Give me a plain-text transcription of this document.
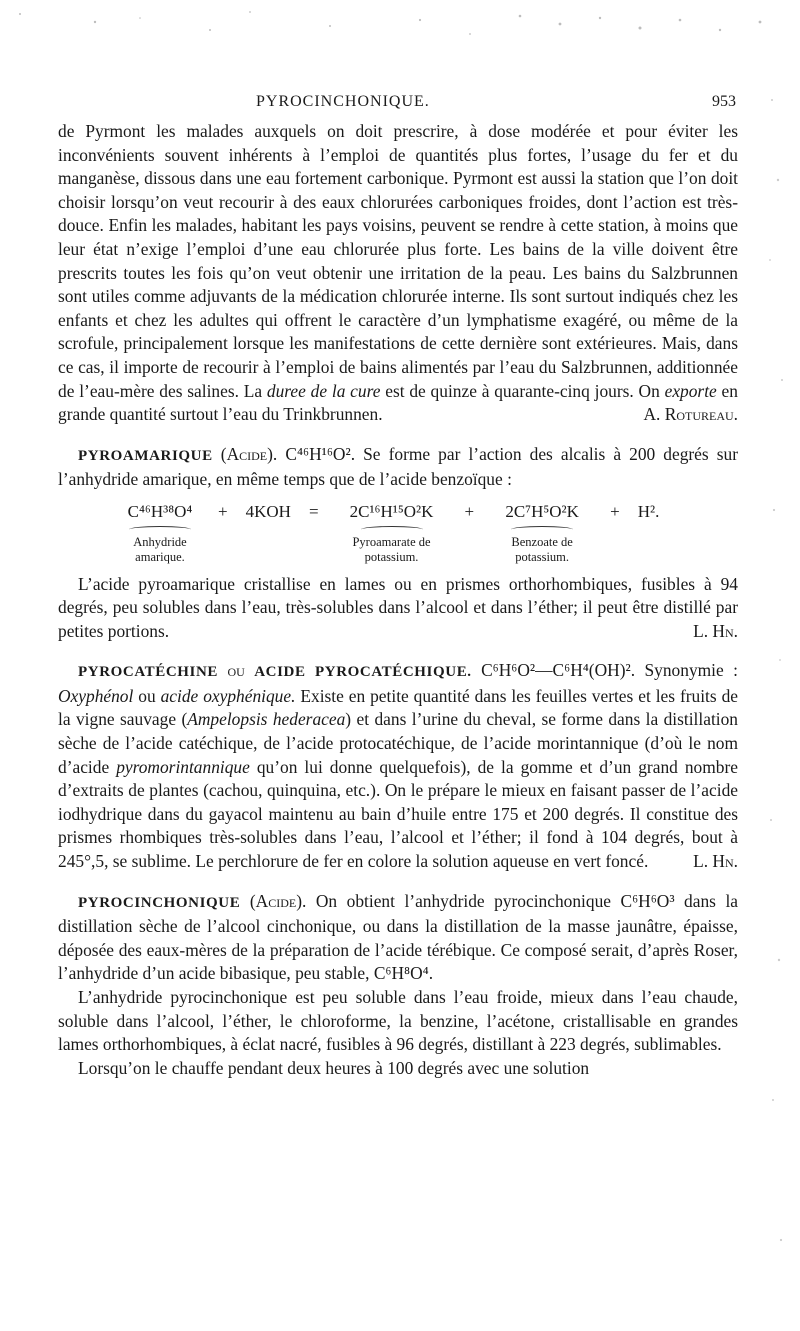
PYROCINCHONIQUE.	953

de Pyrmont les malades auxquels on doit prescrire, à dose modérée et pour éviter les inconvénients souvent inhérents à l’emploi de quantités plus fortes, l’usage du fer et du manganèse, dissous dans une eau fortement carbonique. Pyrmont est aussi la station que l’on doit choisir lorsqu’on veut recourir à des eaux chlorurées carboniques froides, dont l’action est très-douce. Enfin les malades, habitant les pays voisins, peuvent se rendre à cette station, à moins que leur état n’exige l’emploi d’une eau chlorurée plus forte. Les bains de la ville doivent être prescrits toutes les fois qu’on veut obtenir une irritation de la peau. Les bains du Salzbrunnen sont utiles comme adjuvants de la médication chlorurée interne. Ils sont surtout indiqués chez les enfants et chez les adultes qui offrent le caractère d’un lymphatisme exagéré, ou même de la scrofule, principalement lorsque les manifestations de cette dernière sont extérieures. Mais, dans ce cas, il importe de recourir à l’emploi de bains alimentés par l’eau du Salzbrunnen, additionnée de l’eau-mère des salines. La duree de la cure est de quinze à quarante-cinq jours. On exporte en grande quantité surtout l’eau du Trinkbrunnen.	A. Rotureau.

PYROAMARIQUE (Acide). C⁴⁶H¹⁶O². Se forme par l’action des alcalis à 200 degrés sur l’anhydride amarique, en même temps que de l’acide benzoïque :

C⁴⁶H³⁸O⁴
Anhydride amarique.
+ 4KOH = 2C¹⁶H¹⁵O²K
Pyroamarate de potassium.
+ 2C⁷H⁵O²K
Benzoate de potassium.
+ H².

L’acide pyroamarique cristallise en lames ou en prismes orthorhombiques, fusibles à 94 degrés, peu solubles dans l’eau, très-solubles dans l’alcool et dans l’éther; il peut être distillé par petites portions.	L. Hn.

PYROCATÉCHINE ou ACIDE PYROCATÉCHIQUE. C⁶H⁶O²—C⁶H⁴(OH)². Synonymie : Oxyphénol ou acide oxyphénique. Existe en petite quantité dans les feuilles vertes et les fruits de la vigne sauvage (Ampelopsis hederacea) et dans l’urine du cheval, se forme dans la distillation sèche de l’acide catéchique, de l’acide protocatéchique, de l’acide morintannique (d’où le nom d’acide pyromorintannique qu’on lui donne quelquefois), de la gomme et d’un grand nombre d’extraits de plantes (cachou, quinquina, etc.). On le prépare le mieux en faisant passer de l’acide iodhydrique dans du gayacol maintenu au bain d’huile entre 175 et 200 degrés. Il constitue des prismes rhombiques très-solubles dans l’eau, l’alcool et l’éther; il fond à 104 degrés, bout à 245°,5, se sublime. Le perchlorure de fer en colore la solution aqueuse en vert foncé.	L. Hn.

PYROCINCHONIQUE (Acide). On obtient l’anhydride pyrocinchonique C⁶H⁶O³ dans la distillation sèche de l’alcool cinchonique, ou dans la distillation de la masse jaunâtre, épaisse, déposée des eaux-mères de la préparation de l’acide térébique. Ce composé serait, d’après Roser, l’anhydride d’un acide bibasique, peu stable, C⁶H⁸O⁴.

L’anhydride pyrocinchonique est peu soluble dans l’eau froide, mieux dans l’eau chaude, soluble dans l’alcool, l’éther, le chloroforme, la benzine, l’acétone, cristallisable en grandes lames orthorhombiques, à éclat nacré, fusibles à 96 degrés, distillant à 223 degrés, sublimables.

Lorsqu’on le chauffe pendant deux heures à 100 degrés avec une solution
